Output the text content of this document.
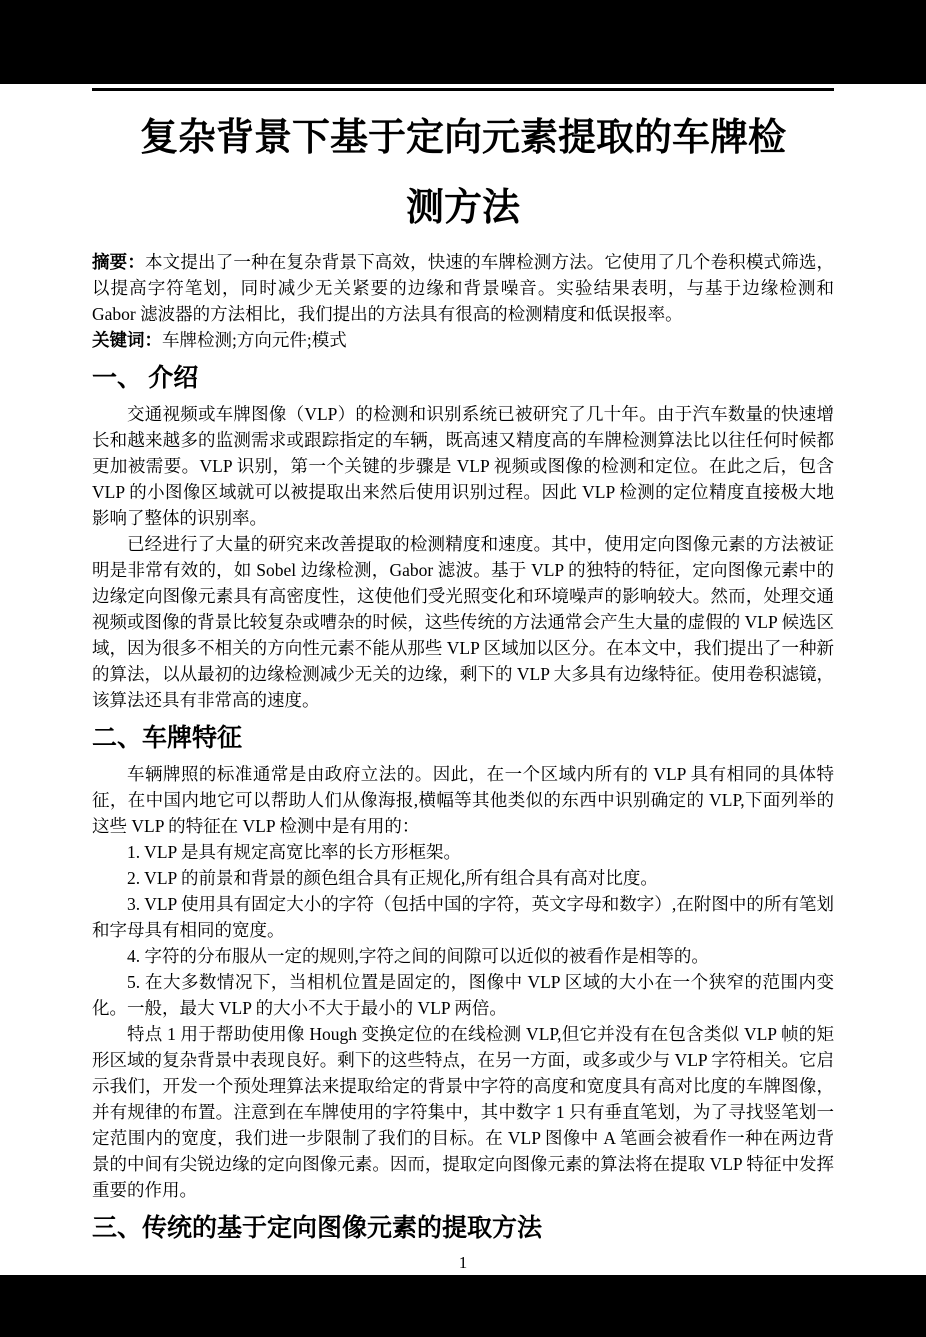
复杂背景下基于定向元素提取的车牌检
测方法

摘要：本文提出了一种在复杂背景下高效，快速的车牌检测方法。它使用了几个卷积模式筛选，以提高字符笔划，同时减少无关紧要的边缘和背景噪音。实验结果表明，与基于边缘检测和 Gabor 滤波器的方法相比，我们提出的方法具有很高的检测精度和低误报率。

关键词：车牌检测;方向元件;模式

一、 介绍

交通视频或车牌图像（VLP）的检测和识别系统已被研究了几十年。由于汽车数量的快速增长和越来越多的监测需求或跟踪指定的车辆，既高速又精度高的车牌检测算法比以往任何时候都更加被需要。VLP 识别，第一个关键的步骤是 VLP 视频或图像的检测和定位。在此之后，包含 VLP 的小图像区域就可以被提取出来然后使用识别过程。因此 VLP 检测的定位精度直接极大地影响了整体的识别率。

已经进行了大量的研究来改善提取的检测精度和速度。其中，使用定向图像元素的方法被证明是非常有效的，如 Sobel 边缘检测，Gabor 滤波。基于 VLP 的独特的特征，定向图像元素中的边缘定向图像元素具有高密度性，这使他们受光照变化和环境噪声的影响较大。然而，处理交通视频或图像的背景比较复杂或嘈杂的时候，这些传统的方法通常会产生大量的虚假的 VLP 候选区域，因为很多不相关的方向性元素不能从那些 VLP 区域加以区分。在本文中，我们提出了一种新的算法，以从最初的边缘检测减少无关的边缘，剩下的 VLP 大多具有边缘特征。使用卷积滤镜，该算法还具有非常高的速度。

二、车牌特征

车辆牌照的标准通常是由政府立法的。因此，在一个区域内所有的 VLP 具有相同的具体特征，在中国内地它可以帮助人们从像海报,横幅等其他类似的东西中识别确定的 VLP,下面列举的这些 VLP 的特征在 VLP 检测中是有用的：

1. VLP 是具有规定高宽比率的长方形框架。

2. VLP 的前景和背景的颜色组合具有正规化,所有组合具有高对比度。

3. VLP 使用具有固定大小的字符（包括中国的字符，英文字母和数字）,在附图中的所有笔划和字母具有相同的宽度。

4. 字符的分布服从一定的规则,字符之间的间隙可以近似的被看作是相等的。

5. 在大多数情况下，当相机位置是固定的，图像中 VLP 区域的大小在一个狭窄的范围内变化。一般，最大 VLP 的大小不大于最小的 VLP 两倍。

特点 1 用于帮助使用像 Hough 变换定位的在线检测 VLP,但它并没有在包含类似 VLP 帧的矩形区域的复杂背景中表现良好。剩下的这些特点，在另一方面，或多或少与 VLP 字符相关。它启示我们，开发一个预处理算法来提取给定的背景中字符的高度和宽度具有高对比度的车牌图像，并有规律的布置。注意到在车牌使用的字符集中，其中数字 1 只有垂直笔划，为了寻找竖笔划一定范围内的宽度，我们进一步限制了我们的目标。在 VLP 图像中 A 笔画会被看作一种在两边背景的中间有尖锐边缘的定向图像元素。因而，提取定向图像元素的算法将在提取 VLP 特征中发挥重要的作用。

三、传统的基于定向图像元素的提取方法
1
